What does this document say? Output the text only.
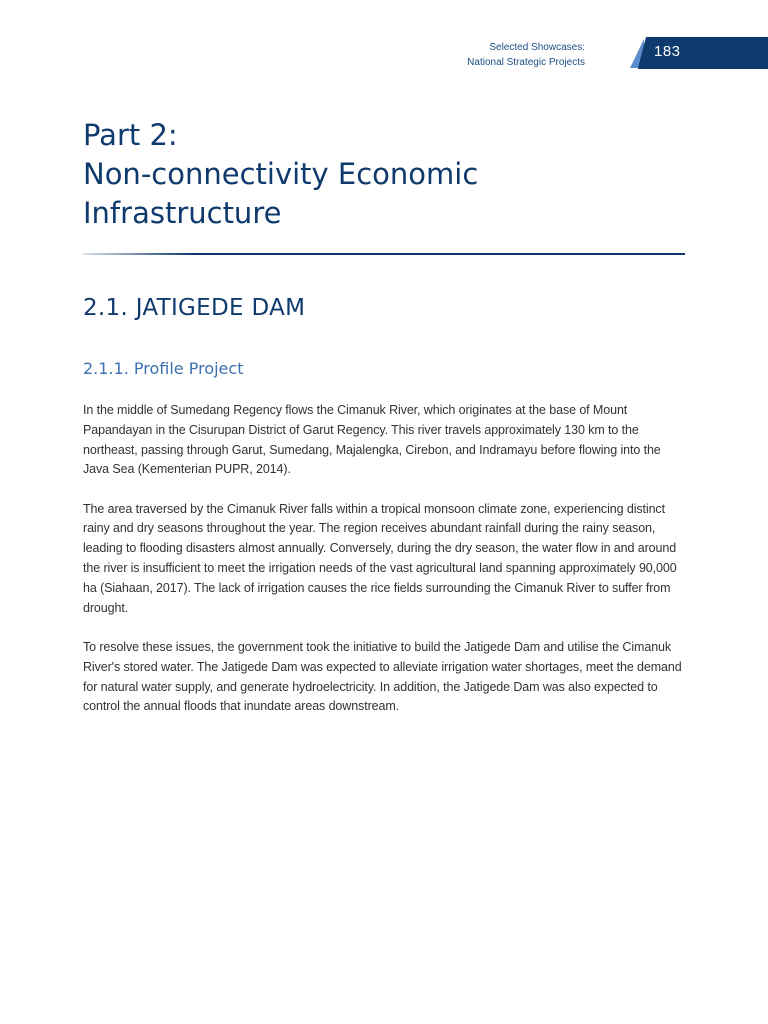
Selected Showcases:
National Strategic Projects
183
Part 2:
Non-connectivity Economic
Infrastructure
2.1. JATIGEDE DAM
2.1.1. Profile Project

In the middle of Sumedang Regency flows the Cimanuk River, which originates at the base of Mount Papandayan in the Cisurupan District of Garut Regency. This river travels approximately 130 km to the northeast, passing through Garut, Sumedang, Majalengka, Cirebon, and Indramayu before flowing into the Java Sea (Kementerian PUPR, 2014).

The area traversed by the Cimanuk River falls within a tropical monsoon climate zone, experiencing distinct rainy and dry seasons throughout the year. The region receives abundant rainfall during the rainy season, leading to flooding disasters almost annually. Conversely, during the dry season, the water flow in and around the river is insufficient to meet the irrigation needs of the vast agricultural land spanning approximately 90,000 ha (Siahaan, 2017). The lack of irrigation causes the rice fields surrounding the Cimanuk River to suffer from drought.

To resolve these issues, the government took the initiative to build the Jatigede Dam and utilise the Cimanuk River's stored water. The Jatigede Dam was expected to alleviate irrigation water shortages, meet the demand for natural water supply, and generate hydroelectricity. In addition, the Jatigede Dam was also expected to control the annual floods that inundate areas downstream.
